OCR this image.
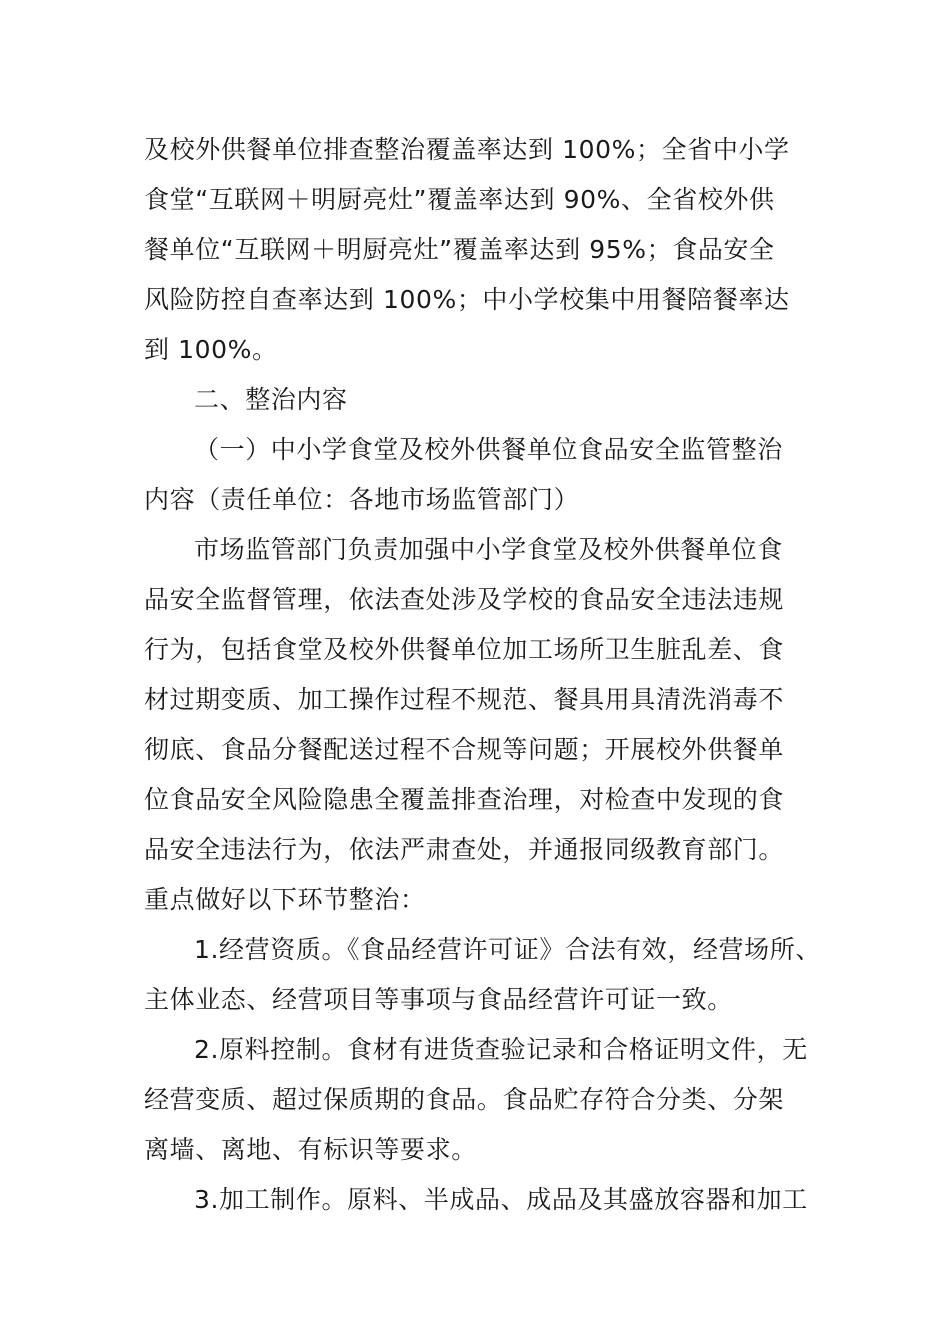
及校外供餐单位排查整治覆盖率达到 100%；全省中小学
食堂“互联网＋明厨亮灶”覆盖率达到 90%、全省校外供
餐单位“互联网＋明厨亮灶”覆盖率达到 95%；食品安全
风险防控自查率达到 100%；中小学校集中用餐陪餐率达
到 100%。
二、整治内容
（一）中小学食堂及校外供餐单位食品安全监管整治
内容（责任单位：各地市场监管部门）
市场监管部门负责加强中小学食堂及校外供餐单位食
品安全监督管理，依法查处涉及学校的食品安全违法违规
行为，包括食堂及校外供餐单位加工场所卫生脏乱差、食
材过期变质、加工操作过程不规范、餐具用具清洗消毒不
彻底、食品分餐配送过程不合规等问题；开展校外供餐单
位食品安全风险隐患全覆盖排查治理，对检查中发现的食
品安全违法行为，依法严肃查处，并通报同级教育部门。
重点做好以下环节整治：
1.经营资质。《食品经营许可证》合法有效，经营场所、
主体业态、经营项目等事项与食品经营许可证一致。
2.原料控制。食材有进货查验记录和合格证明文件，无
经营变质、超过保质期的食品。食品贮存符合分类、分架
离墙、离地、有标识等要求。
3.加工制作。原料、半成品、成品及其盛放容器和加工
